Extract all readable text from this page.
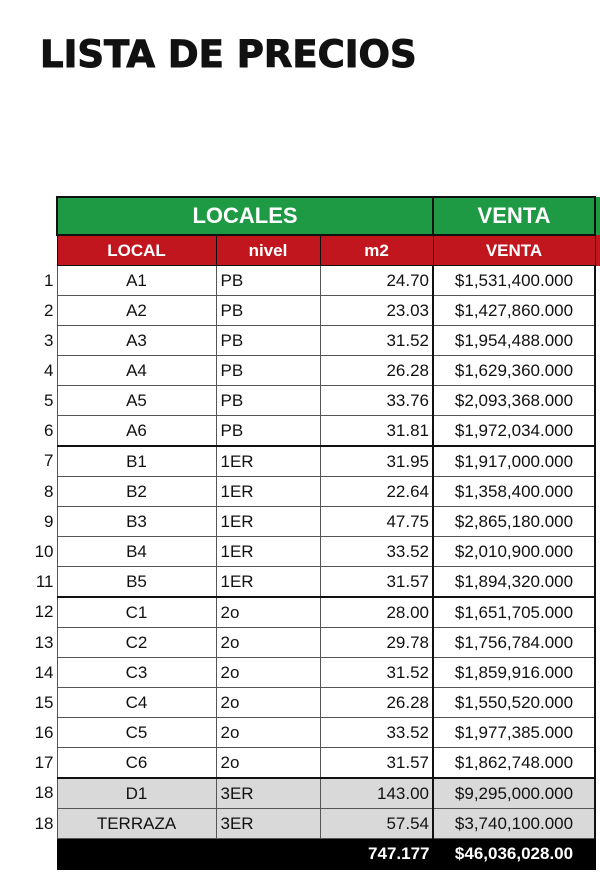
LISTA DE PRECIOS
	LOCALES			VENTA	
	LOCAL	nivel	m2	VENTA	
1	A1	PB	24.70	$1,531,400.000	
2	A2	PB	23.03	$1,427,860.000	
3	A3	PB	31.52	$1,954,488.000	
4	A4	PB	26.28	$1,629,360.000	
5	A5	PB	33.76	$2,093,368.000	
6	A6	PB	31.81	$1,972,034.000	
7	B1	1ER	31.95	$1,917,000.000	
8	B2	1ER	22.64	$1,358,400.000	
9	B3	1ER	47.75	$2,865,180.000	
10	B4	1ER	33.52	$2,010,900.000	
11	B5	1ER	31.57	$1,894,320.000	
12	C1	2o	28.00	$1,651,705.000	
13	C2	2o	29.78	$1,756,784.000	
14	C3	2o	31.52	$1,859,916.000	
15	C4	2o	26.28	$1,550,520.000	
16	C5	2o	33.52	$1,977,385.000	
17	C6	2o	31.57	$1,862,748.000	
18	D1	3ER	143.00	$9,295,000.000	
18	TERRAZA	3ER	57.54	$3,740,100.000	
			747.177	$46,036,028.00	
